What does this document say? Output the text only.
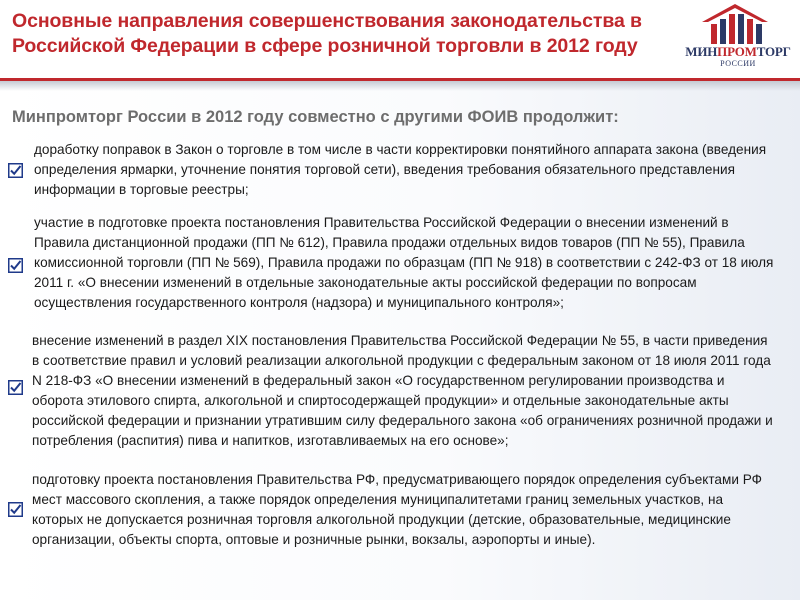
Основные направления совершенствования законодательства в Российской Федерации в сфере розничной торговли в 2012 году	МИНПРОМТОРГ
РОССИИ
Минпромторг России в 2012 году совместно с другими ФОИВ продолжит:
доработку поправок в Закон о торговле в том числе в части корректировки понятийного аппарата закона (введения определения ярмарки, уточнение понятия торговой сети), введения требования обязательного представления информации в торговые реестры;
участие в подготовке проекта постановления Правительства Российской Федерации о внесении изменений в Правила дистанционной продажи (ПП № 612), Правила продажи отдельных видов товаров (ПП № 55), Правила комиссионной торговли (ПП № 569), Правила продажи по образцам (ПП № 918) в соответствии с 242-ФЗ от 18 июля 2011 г. «О внесении изменений в отдельные законодательные акты российской федерации по вопросам осуществления государственного контроля (надзора) и муниципального контроля»;
внесение изменений в раздел XIX постановления Правительства Российской Федерации № 55, в части приведения в соответствие правил и условий реализации алкогольной продукции с федеральным законом от 18 июля 2011 года N 218-ФЗ «О внесении изменений в федеральный закон «О государственном регулировании производства и оборота этилового спирта, алкогольной и спиртосодержащей продукции» и отдельные законодательные акты российской федерации и признании утратившим силу федерального закона «об ограничениях розничной продажи и потребления (распития) пива и напитков, изготавливаемых на его основе»;
подготовку проекта постановления Правительства РФ, предусматривающего порядок определения субъектами РФ мест массового скопления, а также порядок определения муниципалитетами границ земельных участков, на которых не допускается розничная торговля алкогольной продукции (детские, образовательные, медицинские организации, объекты спорта, оптовые и розничные рынки, вокзалы, аэропорты и иные).
